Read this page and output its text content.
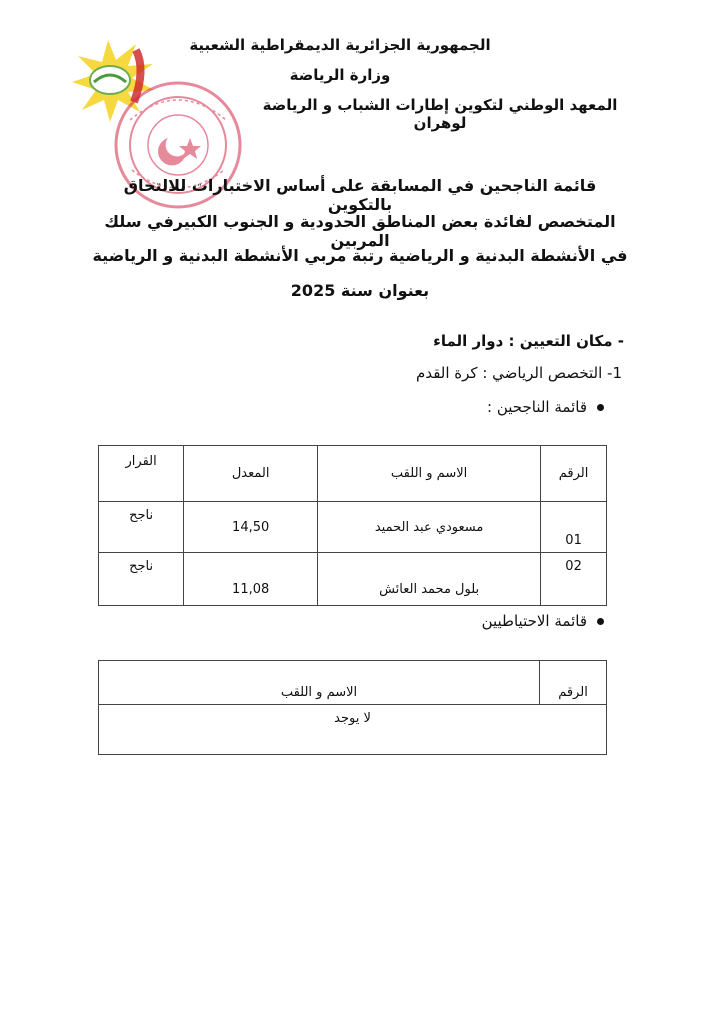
الجمهورية الجزائرية الديمقراطية الشعبية
وزارة الرياضة
المعهد الوطني لتكوين إطارات الشباب و الرياضة لوهران
قائمة الناجحين في المسابقة على أساس الاختبارات للالتحاق بالتكوين
المتخصص لفائدة بعض المناطق الحدودية و الجنوب الكبيرفي سلك المربين
في الأنشطة البدنية و الرياضية رتبة مربي الأنشطة البدنية و الرياضية
بعنوان سنة 2025
- مكان التعيين : دوار الماء
1- التخصص الرياضي : كرة القدم
قائمة الناجحين :
الرقم	الاسم و اللقب	المعدل	القرار
01	مسعودي عبد الحميد	14,50	ناجح
02	بلول محمد العائش	11,08	ناجح
قائمة الاحتياطيين
الرقم	الاسم و اللقب
لا يوجد
